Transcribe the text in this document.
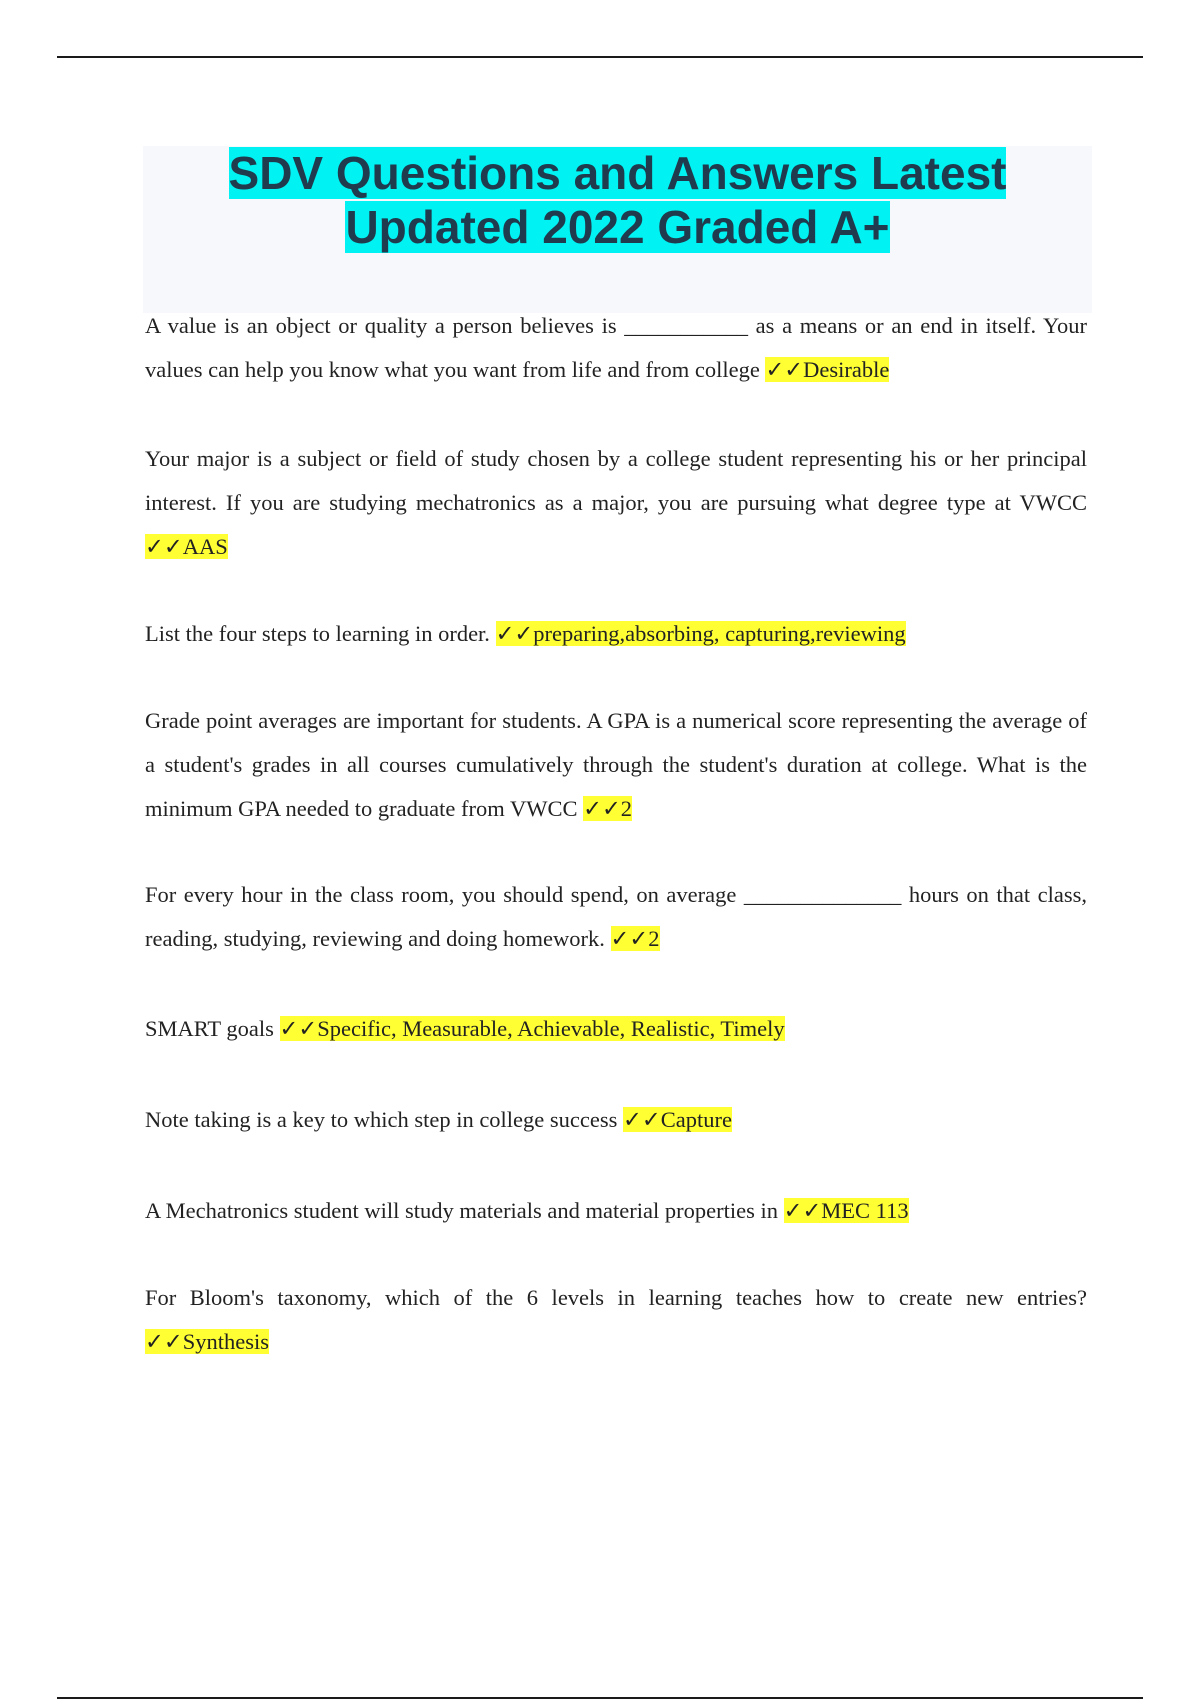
SDV Questions and Answers Latest
Updated 2022 Graded A+

A value is an object or quality a person believes is ___________ as a means or an end in itself. Your values can help you know what you want from life and from college ✓✓Desirable

Your major is a subject or field of study chosen by a college student representing his or her principal interest. If you are studying mechatronics as a major, you are pursuing what degree type at VWCC ✓✓AAS

List the four steps to learning in order. ✓✓preparing,absorbing, capturing,reviewing

Grade point averages are important for students. A GPA is a numerical score representing the average of a student's grades in all courses cumulatively through the student's duration at college. What is the minimum GPA needed to graduate from VWCC ✓✓2

For every hour in the class room, you should spend, on average ______________ hours on that class, reading, studying, reviewing and doing homework. ✓✓2

SMART goals ✓✓Specific, Measurable, Achievable, Realistic, Timely

Note taking is a key to which step in college success ✓✓Capture

A Mechatronics student will study materials and material properties in ✓✓MEC 113

For Bloom's taxonomy, which of the 6 levels in learning teaches how to create new entries? ✓✓Synthesis
